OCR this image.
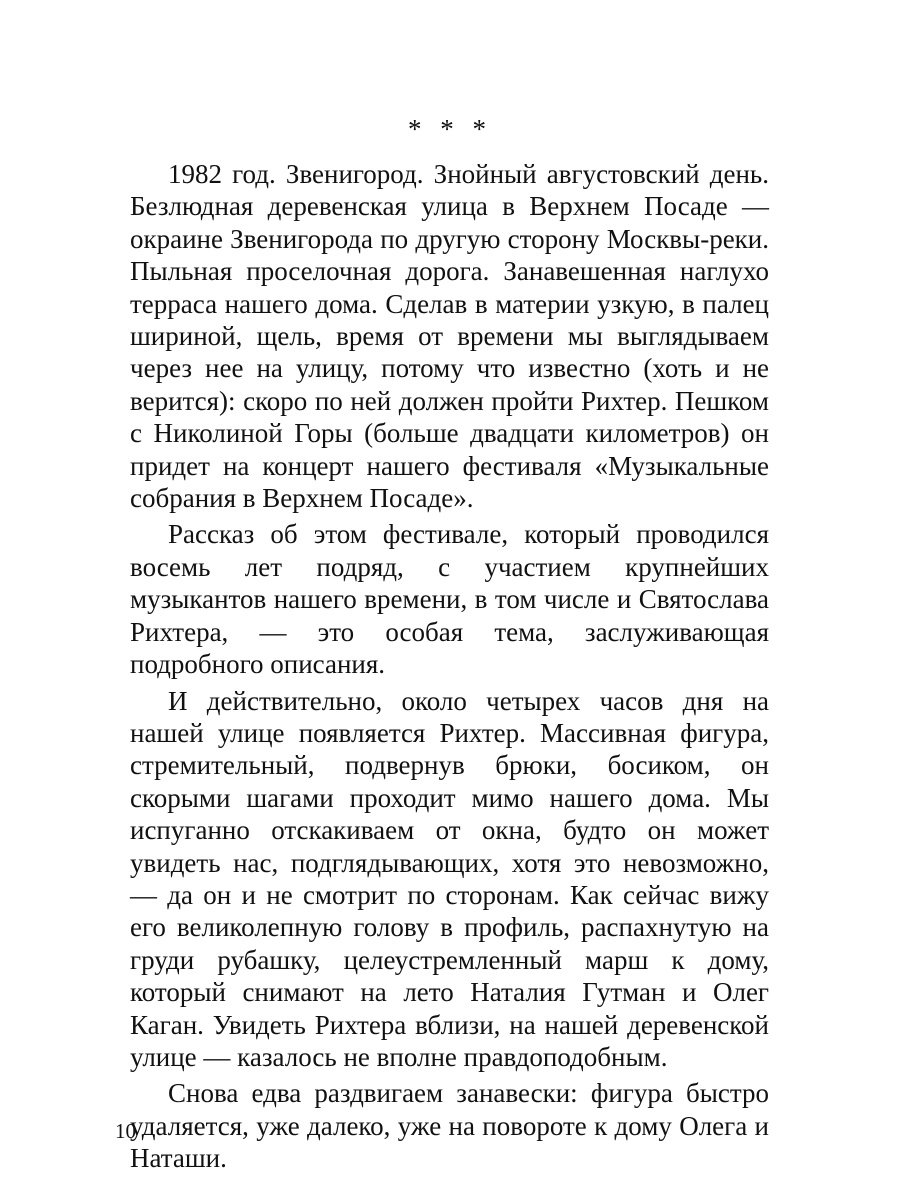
* * *

1982 год. Звенигород. Знойный августовский день. Безлюдная деревенская улица в Верхнем Посаде — окраине Звенигорода по другую сторону Москвы-реки. Пыльная проселочная дорога. Занавешенная наглухо терраса нашего дома. Сделав в материи узкую, в палец шириной, щель, время от времени мы выглядываем через нее на улицу, потому что известно (хоть и не верится): скоро по ней должен пройти Рихтер. Пешком с Николиной Горы (больше двадцати километров) он придет на концерт нашего фестиваля «Музыкальные собрания в Верхнем Посаде».

Рассказ об этом фестивале, который проводился восемь лет подряд, с участием крупнейших музыкантов нашего времени, в том числе и Святослава Рихтера, — это особая тема, заслуживающая подробного описания.

И действительно, около четырех часов дня на нашей улице появляется Рихтер. Массивная фигура, стремительный, подвернув брюки, босиком, он скорыми шагами проходит мимо нашего дома. Мы испуганно отскакиваем от окна, будто он может увидеть нас, подглядывающих, хотя это невозможно, — да он и не смотрит по сторонам. Как сейчас вижу его великолепную голову в профиль, распахнутую на груди рубашку, целеустремленный марш к дому, который снимают на лето Наталия Гутман и Олег Каган. Увидеть Рихтера вблизи, на нашей деревенской улице — казалось не вполне правдоподобным.

Снова едва раздвигаем занавески: фигура быстро удаляется, уже далеко, уже на повороте к дому Олега и Наташи.

10
